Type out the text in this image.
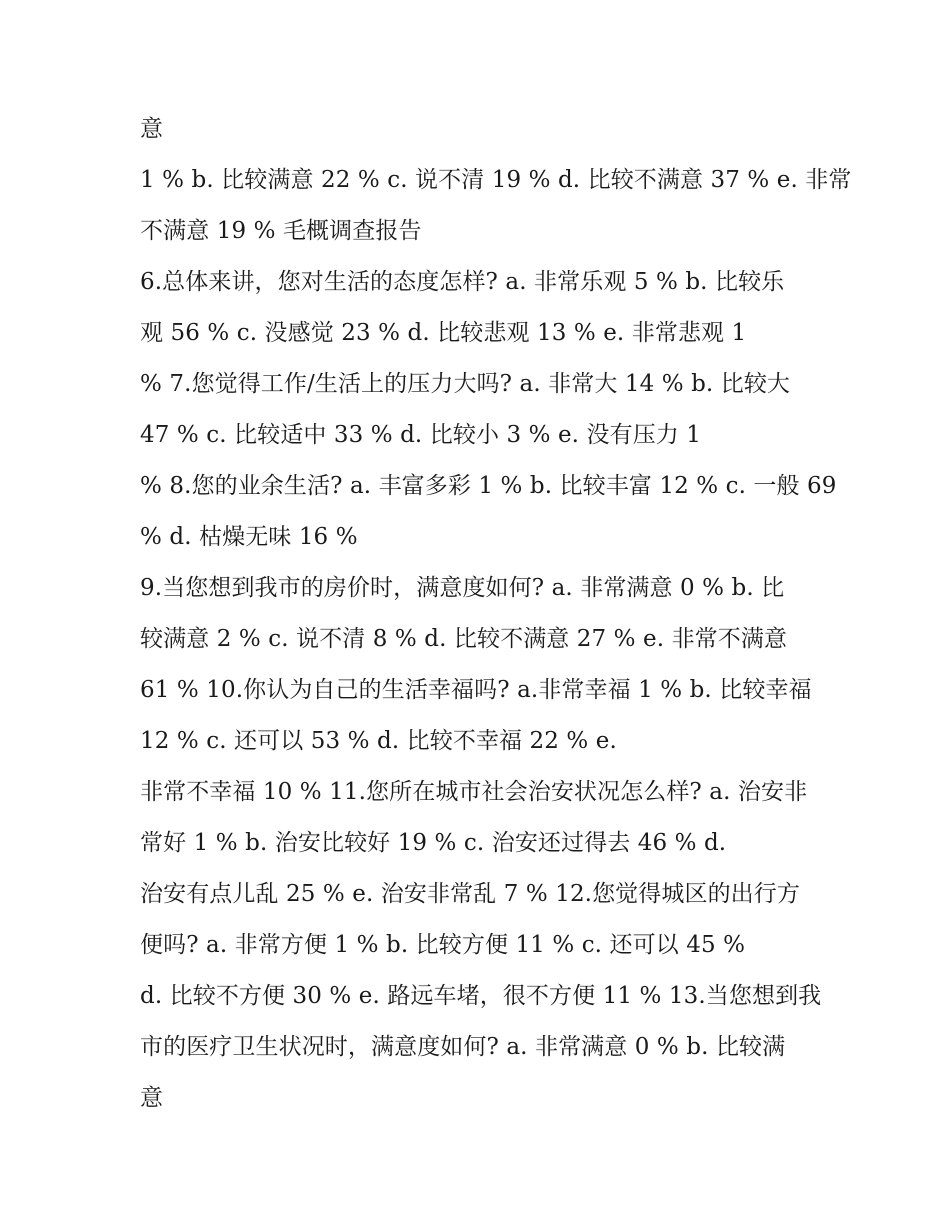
意
1 % b. 比较满意 22 % c. 说不清 19 % d. 比较不满意 37 % e. 非常
不满意 19 % 毛概调查报告
6.总体来讲，您对生活的态度怎样? a. 非常乐观 5 % b. 比较乐
观 56 % c. 没感觉 23 % d. 比较悲观 13 % e. 非常悲观 1
% 7.您觉得工作/生活上的压力大吗? a. 非常大 14 % b. 比较大
47 % c. 比较适中 33 % d. 比较小 3 % e. 没有压力 1
% 8.您的业余生活? a. 丰富多彩 1 % b. 比较丰富 12 % c. 一般 69
% d. 枯燥无味 16 %
9.当您想到我市的房价时，满意度如何? a. 非常满意 0 % b. 比
较满意 2 % c. 说不清 8 % d. 比较不满意 27 % e. 非常不满意
61 % 10.你认为自己的生活幸福吗? a.非常幸福 1 % b. 比较幸福
12 % c. 还可以 53 % d. 比较不幸福 22 % e.
非常不幸福 10 % 11.您所在城市社会治安状况怎么样? a. 治安非
常好 1 % b. 治安比较好 19 % c. 治安还过得去 46 % d.
治安有点儿乱 25 % e. 治安非常乱 7 % 12.您觉得城区的出行方
便吗? a. 非常方便 1 % b. 比较方便 11 % c. 还可以 45 %
d. 比较不方便 30 % e. 路远车堵，很不方便 11 % 13.当您想到我
市的医疗卫生状况时，满意度如何? a. 非常满意 0 % b. 比较满
意
